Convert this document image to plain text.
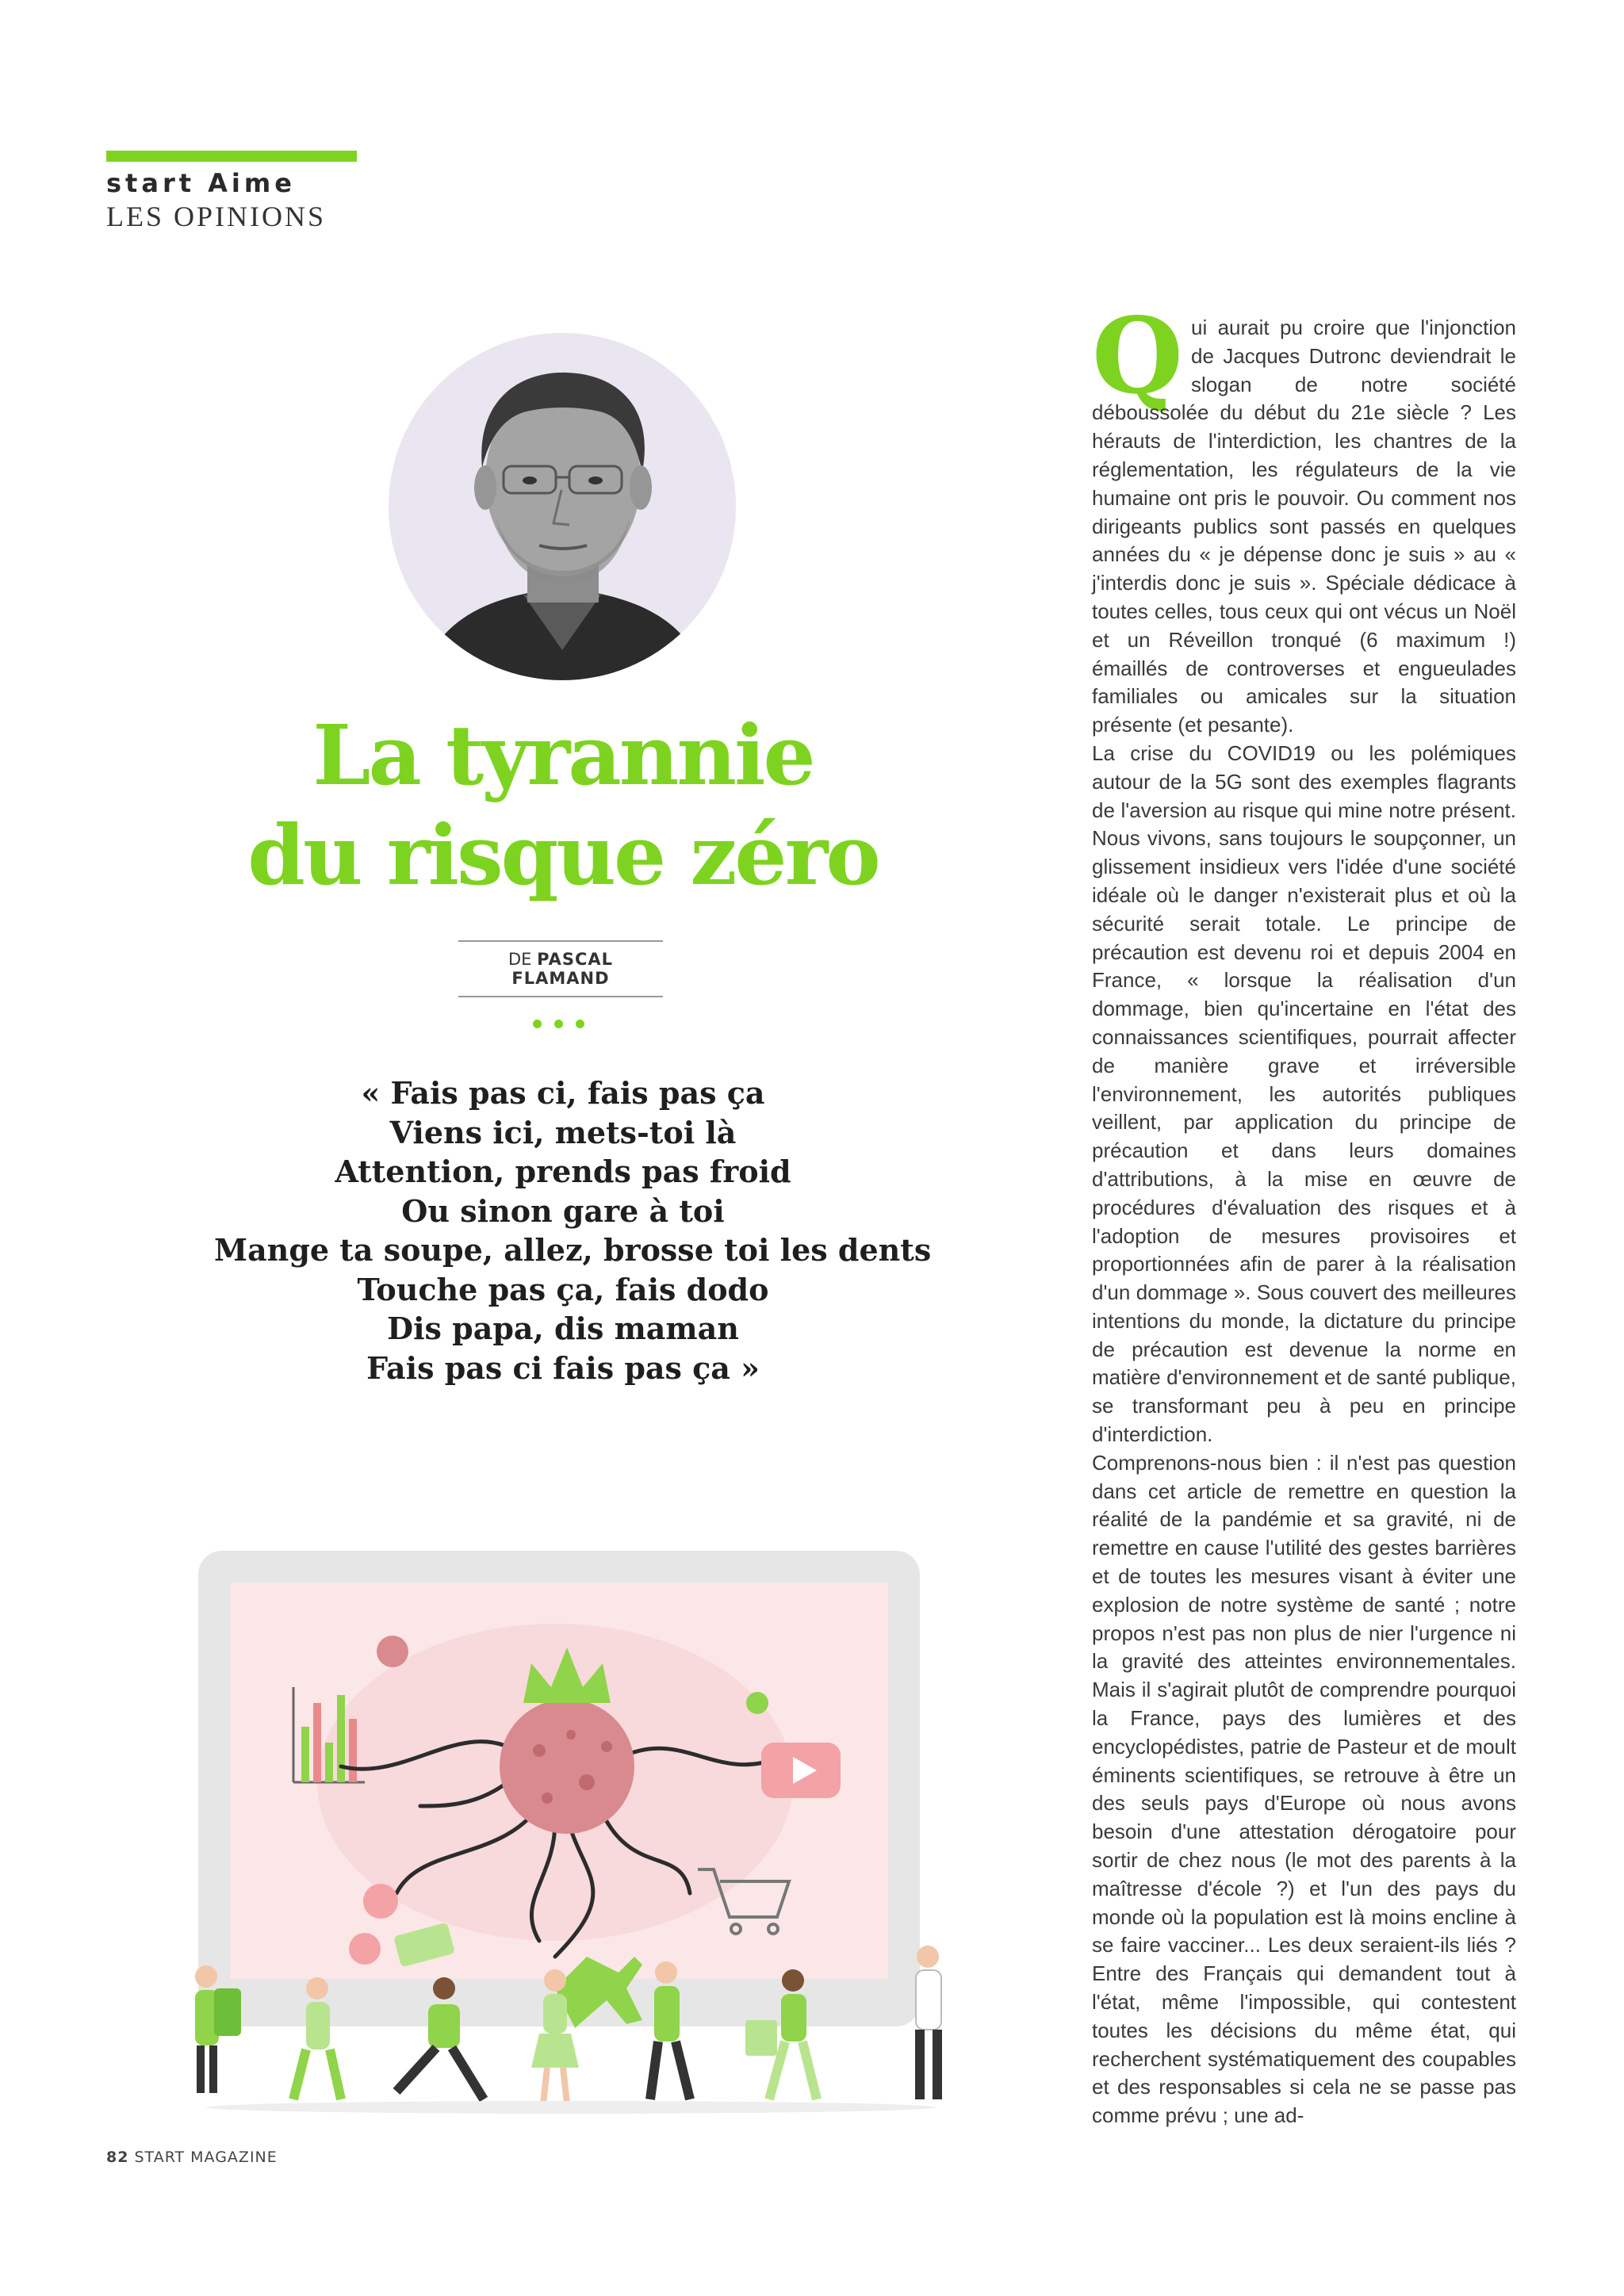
start Aime
LES OPINIONS
La tyrannie
du risque zéro
DE PASCAL FLAMAND
« Fais pas ci, fais pas ça
Viens ici, mets-toi là
Attention, prends pas froid
Ou sinon gare à toi
Mange ta soupe, allez, brosse toi les dents
Touche pas ça, fais dodo
Dis papa, dis maman
Fais pas ci fais pas ça »

Qui aurait pu croire que l'injonction de Jacques Dutronc deviendrait le slogan de notre société déboussolée du début du 21e siècle ? Les hérauts de l'interdiction, les chantres de la réglementation, les régulateurs de la vie humaine ont pris le pouvoir. Ou comment nos dirigeants publics sont passés en quelques années du « je dépense donc je suis » au « j'interdis donc je suis ». Spéciale dédicace à toutes celles, tous ceux qui ont vécus un Noël et un Réveillon tronqué (6 maximum !) émaillés de controverses et engueulades familiales ou amicales sur la situation présente (et pesante).

La crise du COVID19 ou les polémiques autour de la 5G sont des exemples flagrants de l'aversion au risque qui mine notre présent. Nous vivons, sans toujours le soupçonner, un glissement insidieux vers l'idée d'une société idéale où le danger n'existerait plus et où la sécurité serait totale. Le principe de précaution est devenu roi et depuis 2004 en France, « lorsque la réalisation d'un dommage, bien qu'incertaine en l'état des connaissances scientifiques, pourrait affecter de manière grave et irréversible l'environnement, les autorités publiques veillent, par application du principe de précaution et dans leurs domaines d'attributions, à la mise en œuvre de procédures d'évaluation des risques et à l'adoption de mesures provisoires et proportionnées afin de parer à la réalisation d'un dommage ». Sous couvert des meilleures intentions du monde, la dictature du principe de précaution est devenue la norme en matière d'environnement et de santé publique, se transformant peu à peu en principe d'interdiction.

Comprenons-nous bien : il n'est pas question dans cet article de remettre en question la réalité de la pandémie et sa gravité, ni de remettre en cause l'utilité des gestes barrières et de toutes les mesures visant à éviter une explosion de notre système de santé ; notre propos n'est pas non plus de nier l'urgence ni la gravité des atteintes environnementales. Mais il s'agirait plutôt de comprendre pourquoi la France, pays des lumières et des encyclopédistes, patrie de Pasteur et de moult éminents scientifiques, se retrouve à être un des seuls pays d'Europe où nous avons besoin d'une attestation dérogatoire pour sortir de chez nous (le mot des parents à la maîtresse d'école ?) et l'un des pays du monde où la population est là moins encline à se faire vacciner... Les deux seraient-ils liés ? Entre des Français qui demandent tout à l'état, même l'impossible, qui contestent toutes les décisions du même état, qui recherchent systématiquement des coupables et des responsables si cela ne se passe pas comme prévu ; une ad-

82 START MAGAZINE
